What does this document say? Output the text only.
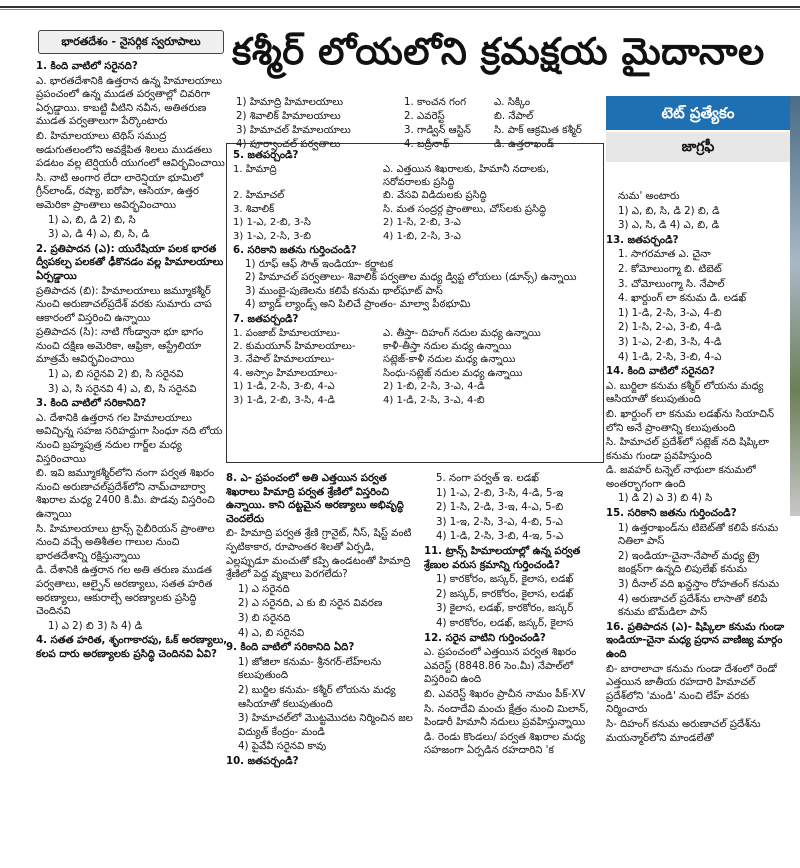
భారతదేశం - నైసర్గిక స్వరూపాలు కశ్మీర్ లోయలోని క్రమక్షయ మైదానాల

1. కింది వాటిలో సరైనది?

ఎ. భారతదేశానికి ఉత్తరాన ఉన్న హిమాలయాలు ప్రపంచంలో ఉన్న ముడత పర్వతాల్లో చివరిగా ఏర్పడ్డాయి. కాబట్టి వీటిని నవీన, అతితరుణ ముడత పర్వతాలుగా పేర్కొంటారు

బి. హిమాలయాలు టెథిస్ సముద్ర అడుగుతలంలోని అవక్షేపిత శిలలు ముడతలు పడటం వల్ల టెర్షియరీ యుగంలో ఆవిర్భవించాయి

సి. నాటి అంగార లేదా లారెన్షియా భూమిలో గ్రీన్‌లాండ్, రష్యా, ఐరోపా, ఆసియా, ఉత్తర అమెరికా ప్రాంతాలు అవిర్భవించాయి

1) ఎ, బి, డి 2) బి, సి

3) ఎ, డి 4) ఎ, బి, సి, డి

2. ప్రతిపాదన (ఎ): యురేషియా పలక భారత ద్వీపకల్ప పలకతో ఢీకొనడం వల్ల హిమాలయాలు ఏర్పడ్డాయి

ప్రతిపాదన (బి): హిమాలయాలు జమ్మూకశ్మీర్ నుంచి అరుణాచల్‌ప్రదేశ్ వరకు సుమారు చాప ఆకారంలో విస్తరించి ఉన్నాయి

ప్రతిపాదన (సి): నాటి గోండ్వానా భూ భాగం నుంచి దక్షిణ అమెరికా, ఆఫ్రికా, ఆస్ట్రేలియా మాత్రమే ఆవిర్భవించాయి

1) ఎ, బి సరైనవి 2) బి, సి సరైనవి

3) ఎ, సి సరైనవి 4) ఎ, బి, సి సరైనవి

3. కింది వాటిలో సరికానిది?

ఎ. దేశానికి ఉత్తరాన గల హిమాలయాలు అవిచ్ఛిన్న సహజ సరిహద్దుగా సింధూ నది లోయ నుంచి బ్రహ్మపుత్ర నదుల గార్జ్‌ల మధ్య విస్తరించాయి

బి. ఇవి జమ్మూకశ్మీర్‌లోని నంగా పర్వత శిఖరం నుంచి అరుణాచల్‌ప్రదేశ్‌లోని నామ్‌చాబార్వా శిఖరాల మధ్య 2400 కి.మీ. పొడవు విస్తరించి ఉన్నాయి

సి. హిమాలయాలు ట్రాన్స్ సైబీరియన్ ప్రాంతాల నుంచి వచ్చే అతిశీతల గాలుల నుంచి భారతదేశాన్ని రక్షిస్తున్నాయి

డి. దేశానికి ఉత్తరాన గల అతి తరుణ ముడత పర్వతాలు, ఆల్ఫైన్ అరణ్యాలు, సతత హరిత అరణ్యాలు, ఆకురాల్చే అరణ్యాలకు ప్రసిద్ధి చెందినవి

1) ఎ 2) బి 3) సి 4) డి

4. సతత హరిత, శృంగాకారపు, ఓక్ అరణ్యాలు, కలప దారు అరణ్యాలకు ప్రసిద్ధి చెందినవి ఏవి?

1) హిమాద్రి హిమాలయాలు	1. కాంచన గంగ	ఎ. సిక్కిం
2) శివాలిక్ హిమాలయాలు	2. ఎవరెస్ట్	బి. నేపాల్
3) హిమాచల్ హిమాలయాలు	3. గాడ్విన్ ఆస్టిన్	సి. పాక్ ఆక్రమిత కశ్మీర్
4) పూర్వాంచల్ పర్వతాలు	4. బద్రీనాథ్	డి. ఉత్తరాఖండ్
5. జతపర్చండి?
1. హిమాద్రి	ఎ. ఎత్తయిన శిఖరాలకు, హిమానీ నదాలకు, సరోవరాలకు ప్రసిద్ధి
2. హిమాచల్	బి. వేసవి విడిదులకు ప్రసిద్ధి
3. శివాలిక్	సి. మత సంద్రర్గ ప్రాంతాలు, చోస్‌లకు ప్రసిద్ధి
1) 1-ఎ, 2-బి, 3-సి	2) 1-సి, 2-బి, 3-ఎ
3) 1-ఎ, 2-సి, 3-బి	4) 1-బి, 2-సి, 3-ఎ
6. సరికాని జతను గుర్తించండి?
1) రూఫ్ ఆఫ్ సౌత్ ఇండియా- కర్ణాటక
2) హిమాచల్ పర్వతాలు- శివాలిక్ పర్వతాల మధ్య డ్విప్ట లోయలు (డూన్స్) ఉన్నాయి
3) ముంబై-పుణెలను కలిపే కనుమ థాల్‌ఘాట్ పాస్
4) బ్యాడ్ ల్యాండ్స్ అని పిలిచే ప్రాంతం- మాల్వా పీఠభూమి
7. జతపర్చండి?
1. పంజాబ్ హిమాలయాలు-	ఎ. తీస్తా- దిహంగ్ నదుల మధ్య ఉన్నాయి
2. కుమయూన్ హిమాలయాలు-	కాళీ-తీస్తా నదుల మధ్య ఉన్నాయి
3. నేపాల్ హిమాలయాలు-	సట్లెజ్-కాళీ నదుల మధ్య ఉన్నాయి
4. అస్సాం హిమాలయాలు-	సింధు-సట్లెజ్ నదుల మధ్య ఉన్నాయి
1) 1-డి, 2-సి, 3-బి, 4-ఎ	2) 1-బి, 2-సి, 3-ఎ, 4-డి
3) 1-డి, 2-బి, 3-సి, 4-డి	4) 1-డి, 2-సి, 3-ఎ, 4-బి

8. ఎ- ప్రపంచంలో అతి ఎత్తయిన పర్వత శిఖరాలు హిమాద్రి పర్వత శ్రేణిలో విస్తరించి ఉన్నాయి. కాని దట్టమైన అరణ్యాలు అభివృద్ధి చెందలేదు

బి- హిమాద్రి పర్వత శ్రేణి గ్రానైట్, నీస్, షిస్ట్ వంటి స్ఫటికాకార, రూపాంతర శిలతో ఏర్పడి, ఎల్లప్పుడూ మంచుతో కప్పి ఉండటంతో హిమాద్రి శ్రేణిలో పెద్ద వృక్షాలు పెరగలేదు?

1) ఎ సరైనది

2) ఎ సరైనది, ఎ కు బి సరైన వివరణ

3) బి సరైనది

4) ఎ, బి సరైనవి

9. కింది వాటిలో సరికానిది ఏది?

1) జోజిలా కనుమ- శ్రీనగర్-లేహ్‌లను కలుపుతుంది

2) బుర్జిల కనుమ- కశ్మీర్ లోయను మధ్య ఆసియాతో కలుపుతుంది

3) హిమాచల్‌లో మొట్టమొదట నిర్మించిన జల విద్యుత్ కేంద్రం- మండి

4) పైవేవీ సరైనవి కావు

10. జతపర్చండి?

5. నంగా పర్వత్ ఇ. లడఖ్

1) 1-ఎ, 2-బి, 3-సి, 4-డి, 5-ఇ

2) 1-సి, 2-డి, 3-ఇ, 4-ఎ, 5-బి

3) 1-ఇ, 2-సి, 3-ఎ, 4-బి, 5-ఎ

4) 1-డి, 2-సి, 3-బి, 4-ఇ, 5-ఎ

11. ట్రాన్స్ హిమాలయాల్లో ఉన్న పర్వత శ్రేణుల వరుస క్రమాన్ని గుర్తించండి?

1) కారకోరం, జస్కర్, కైలాస, లడఖ్

2) జస్కర్, కారకోరం, కైలాస, లడఖ్

3) కైలాస, లడఖ్, కారకోరం, జస్కర్

4) కారకోరం, లడఖ్, జస్కర్, కైలాస

12. సరైన వాటిని గుర్తించండి?

ఎ. ప్రపంచంలో ఎత్తయిన పర్వత శిఖరం ఎవరెస్ట్ (8848.86 సెం.మీ) నేపాల్‌లో విస్తరించి ఉంది

బి. ఎవరెస్ట్ శిఖరం ప్రాచీన నామం పీక్-XV

సి. నందాదేవి మంచు క్షేత్రం నుంచి మిలాన్, పిండారీ హిమానీ నదులు ప్రవహిస్తున్నాయి

డి. రెండు కొండలు/ పర్వత శిఖరాల మధ్య సహజంగా ఏర్పడిన రహదారిని 'క

టెట్ ప్రత్యేకం
జాగ్రఫీ

నుమ' అంటారు

1) ఎ, బి, సి, డి 2) బి, డి

3) ఎ, సి, డి 4) ఎ, బి, డి

13. జతపర్చండి?

1. సాగరమాత ఎ. చైనా

2. కోమోలుంగ్మా బి. టిబెట్

3. చోమోలుంగ్మా సి. నేపాల్

4. ఖార్దుంగ్ లా కనుమ డి. లడఖ్

1) 1-డి, 2-సి, 3-ఎ, 4-బి

2) 1-సి, 2-ఎ, 3-బి, 4-డి

3) 1-ఎ, 2-బి, 3-సి, 4-డి

4) 1-డి, 2-సి, 3-బి, 4-ఎ

14. కింది వాటిలో సరైనది?

ఎ. బుర్జిలా కనుమ కశ్మీర్ లోయను మధ్య ఆసియాతో కలుపుతుంది

బి. ఖార్దుంగ్ లా కనుమ లడఖ్‌ను సియాచిన్ లోని అనే ప్రాంతాన్ని కలుపుతుంది

సి. హిమాచల్ ప్రదేశ్‌లో సట్లెజ్ నది షిప్కిలా కనుమ గుండా ప్రవహిస్తుంది

డి. జవహర్ టన్నెల్ నాథులా కనుమలో అంతర్భాగంగా ఉంది

1) డి 2) ఎ 3) బి 4) సి

15. సరికాని జతను గుర్తించండి?

1) ఉత్తరాఖండ్‌ను టిబెట్‌తో కలిపే కనుమ నితిలా పాస్

2) ఇండియా-చైనా-నేపాల్ మధ్య ట్రై జంక్షన్‌గా ఉన్నది లిపులేఖ్ కనుమ

3) దీనాల్ వది ఖన్జస్తాం రోహతంగ్ కనుమ

4) అరుణాచల్ ప్రదేశ్‌ను లాసాతో కలిపే కనుమ బొమ్‌డిలా పాస్

16. ప్రతిపాదన (ఎ)- షిప్కిలా కనుమ గుండా ఇండియా-చైనా మధ్య ప్రధాన వాణిజ్య మార్గం ఉంది

బి- బారాలాచా కనుమ గుండా దేశంలో రెండో ఎత్తయిన జాతీయ రహదారి హిమాచల్ ప్రదేశ్‌లోని 'మండి' నుంచి లేహ్ వరకు నిర్మించారు

సి- దిహంగ్ కనుమ అరుణాచల్ ప్రదేశ్‌ను మయన్మార్‌లోని మాండలేతో
